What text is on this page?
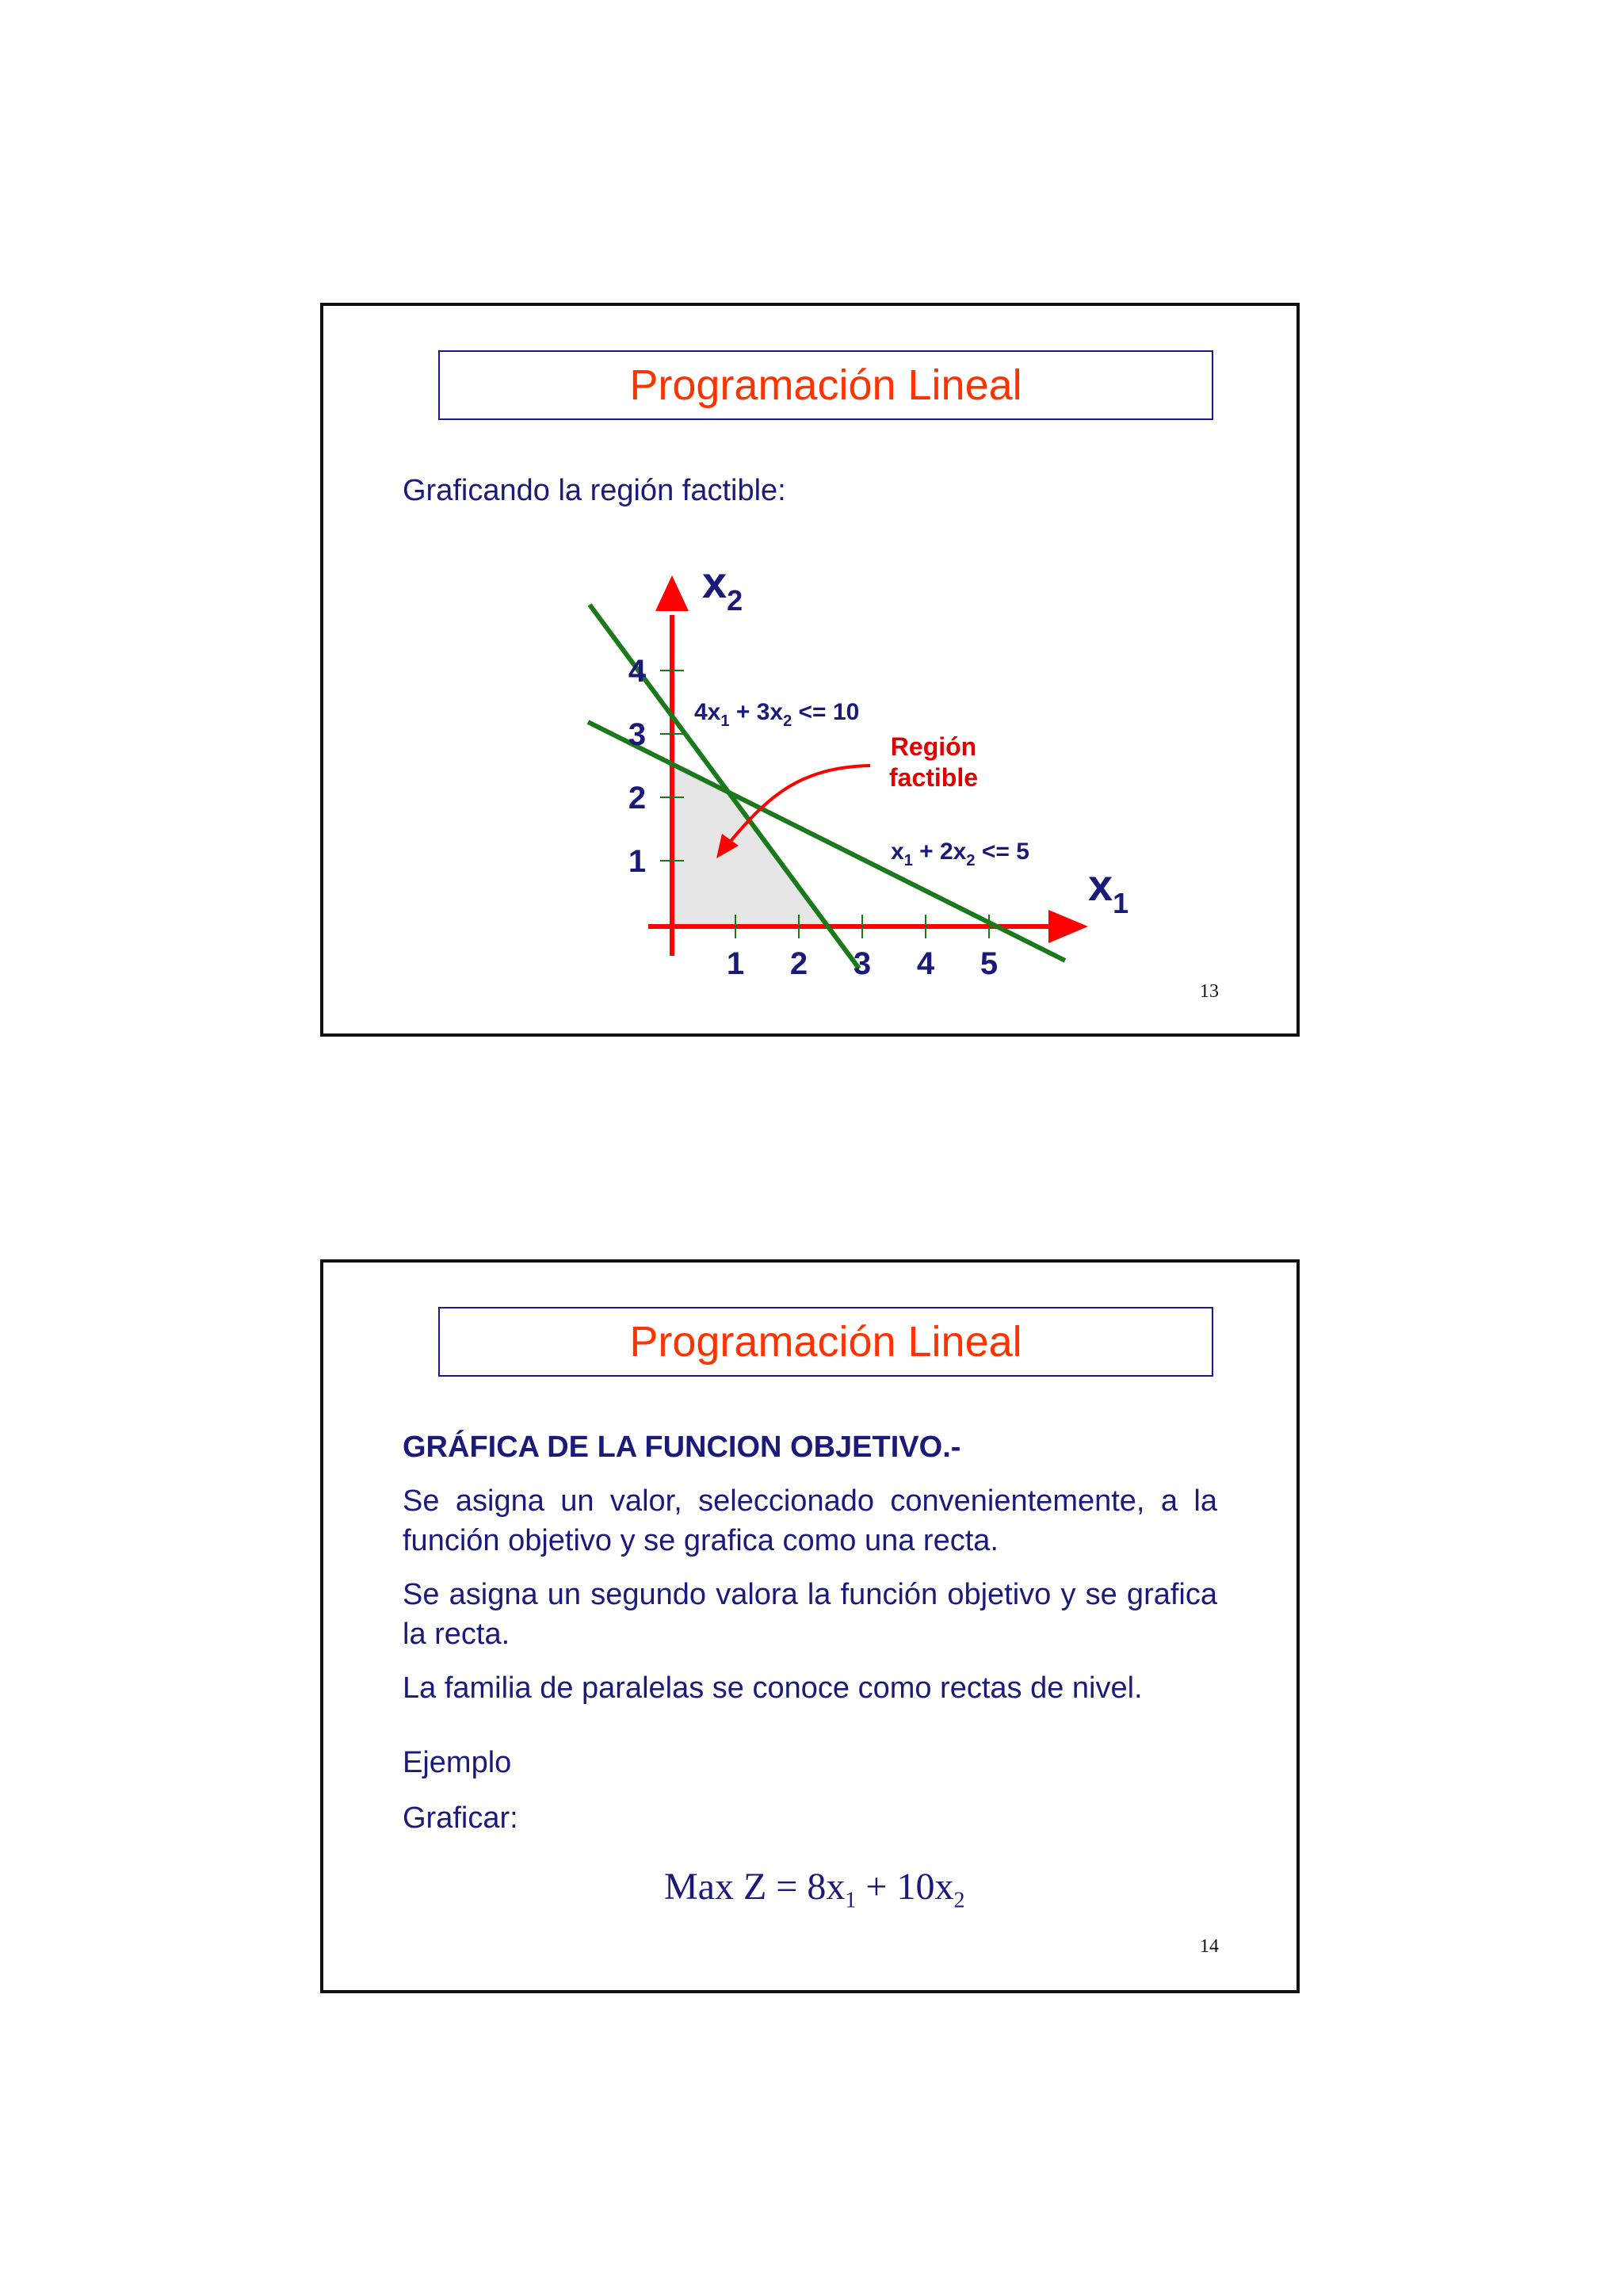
Programación Lineal
Graficando la región factible:
1 2 3 4 5
1
2
3
4
$x_2$
$x_1$
$4x_1 + 3x_2 <= 10$
$x_1 + 2x_2 <= 5$
Región
factible
13
Programación Lineal
GRÁFICA DE LA FUNCION OBJETIVO.-
Se asigna un valor, seleccionado convenientemente, a la función objetivo y se grafica como una recta.
Se asigna un segundo valora la función objetivo y se grafica la recta.
La familia de paralelas se conoce como rectas de nivel.
Ejemplo
Graficar:
Max $Z = 8x_1 + 10x_2$
14
